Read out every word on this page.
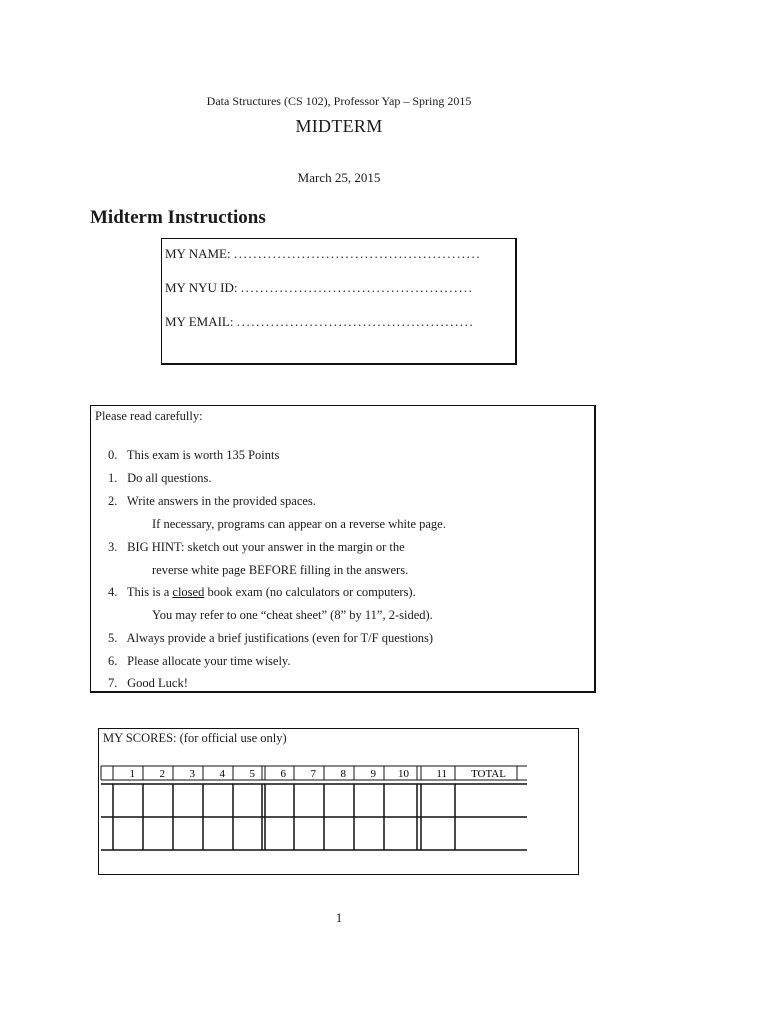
Data Structures (CS 102), Professor Yap – Spring 2015
MIDTERM
March 25, 2015
Midterm Instructions
MY NAME: ...................................................
MY NYU ID: ................................................
MY EMAIL: .................................................
Please read carefully:
0. This exam is worth 135 Points
1. Do all questions.
2. Write answers in the provided spaces.
If necessary, programs can appear on a reverse white page.
3. BIG HINT: sketch out your answer in the margin or the
reverse white page BEFORE filling in the answers.
4. This is a closed book exam (no calculators or computers).
You may refer to one “cheat sheet” (8” by 11”, 2-sided).
5. Always provide a brief justifications (even for T/F questions)
6. Please allocate your time wisely.
7. Good Luck!
MY SCORES: (for official use only)
1 2 3 4 5 6 7 8 9 10 11 TOTAL
1
